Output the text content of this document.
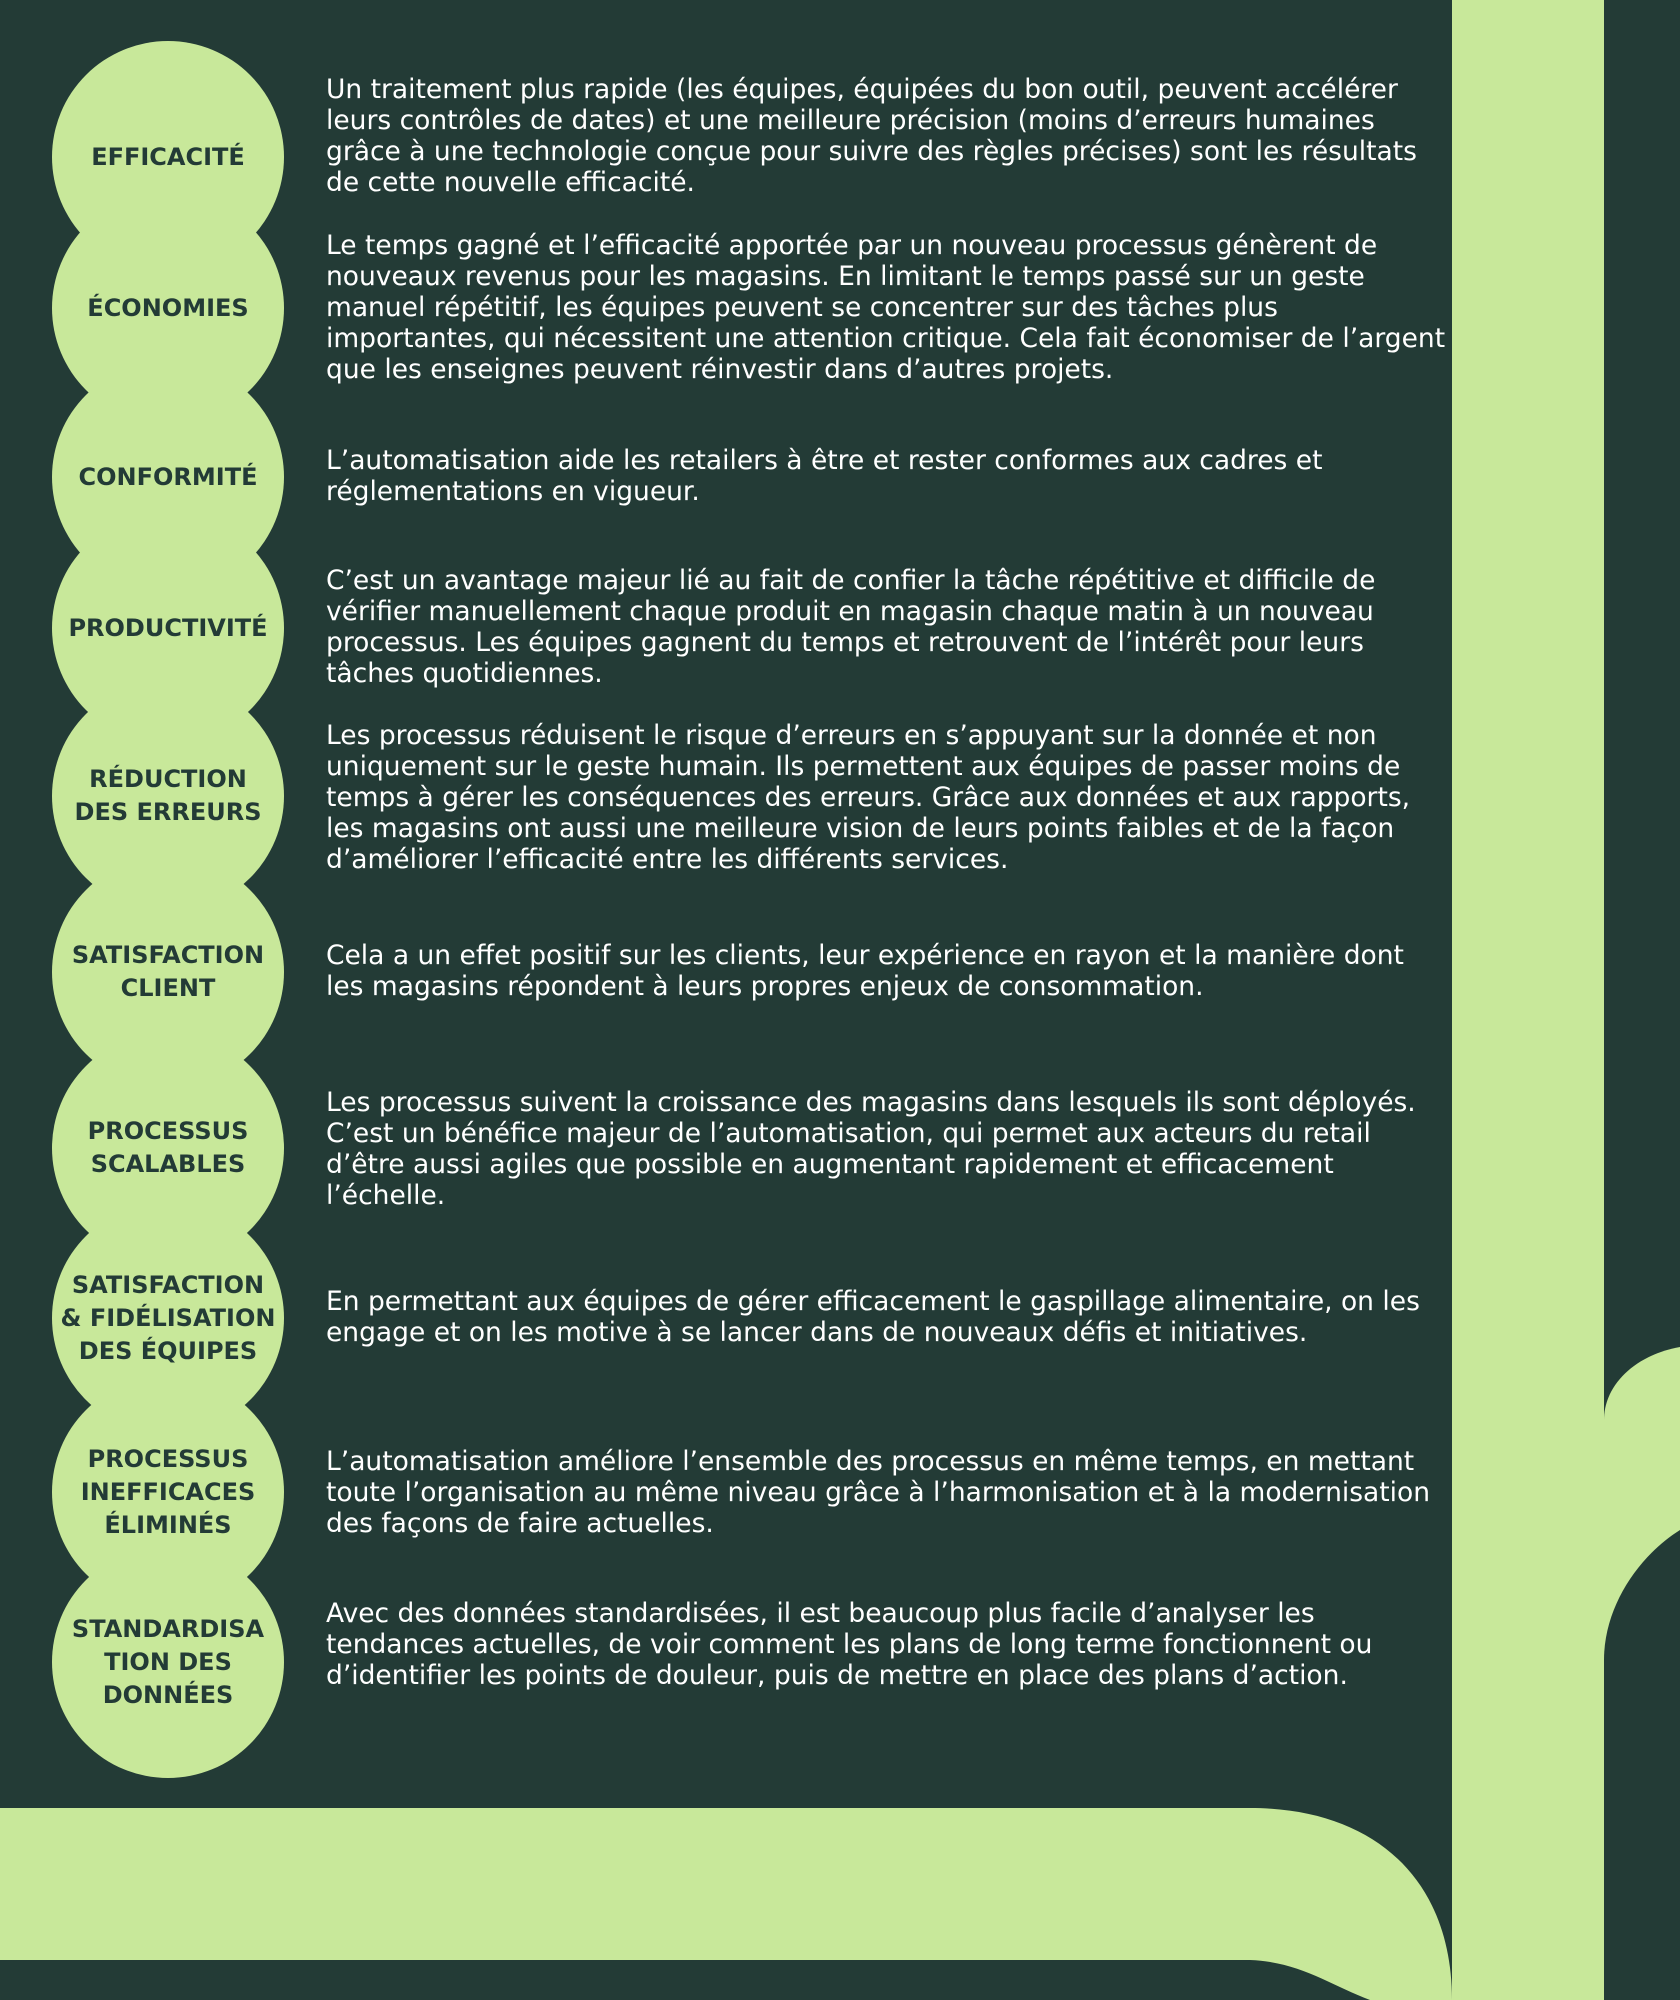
EFFICACITÉ
Un traitement plus rapide (les équipes, équipées du bon outil, peuvent accélérer leurs contrôles de dates) et une meilleure précision (moins d’erreurs humaines grâce à une technologie conçue pour suivre des règles précises) sont les résultats de cette nouvelle efficacité.
ÉCONOMIES
Le temps gagné et l’efficacité apportée par un nouveau processus génèrent de nouveaux revenus pour les magasins. En limitant le temps passé sur un geste manuel répétitif, les équipes peuvent se concentrer sur des tâches plus importantes, qui nécessitent une attention critique. Cela fait économiser de l’argent que les enseignes peuvent réinvestir dans d’autres projets.
CONFORMITÉ
L’automatisation aide les retailers à être et rester conformes aux cadres et réglementations en vigueur.
PRODUCTIVITÉ
C’est un avantage majeur lié au fait de confier la tâche répétitive et difficile de vérifier manuellement chaque produit en magasin chaque matin à un nouveau processus. Les équipes gagnent du temps et retrouvent de l’intérêt pour leurs tâches quotidiennes.
RÉDUCTION
DES ERREURS
Les processus réduisent le risque d’erreurs en s’appuyant sur la donnée et non uniquement sur le geste humain. Ils permettent aux équipes de passer moins de temps à gérer les conséquences des erreurs. Grâce aux données et aux rapports, les magasins ont aussi une meilleure vision de leurs points faibles et de la façon d’améliorer l’efficacité entre les différents services.
SATISFACTION
CLIENT
Cela a un effet positif sur les clients, leur expérience en rayon et la manière dont les magasins répondent à leurs propres enjeux de consommation.
PROCESSUS
SCALABLES
Les processus suivent la croissance des magasins dans lesquels ils sont déployés. C’est un bénéfice majeur de l’automatisation, qui permet aux acteurs du retail d’être aussi agiles que possible en augmentant rapidement et efficacement l’échelle.
SATISFACTION
& FIDÉLISATION
DES ÉQUIPES
En permettant aux équipes de gérer efficacement le gaspillage alimentaire, on les engage et on les motive à se lancer dans de nouveaux défis et initiatives.
PROCESSUS
INEFFICACES
ÉLIMINÉS
L’automatisation améliore l’ensemble des processus en même temps, en mettant toute l’organisation au même niveau grâce à l’harmonisation et à la modernisation des façons de faire actuelles.
STANDARDISA
TION DES
DONNÉES
Avec des données standardisées, il est beaucoup plus facile d’analyser les tendances actuelles, de voir comment les plans de long terme fonctionnent ou d’identifier les points de douleur, puis de mettre en place des plans d’action.
